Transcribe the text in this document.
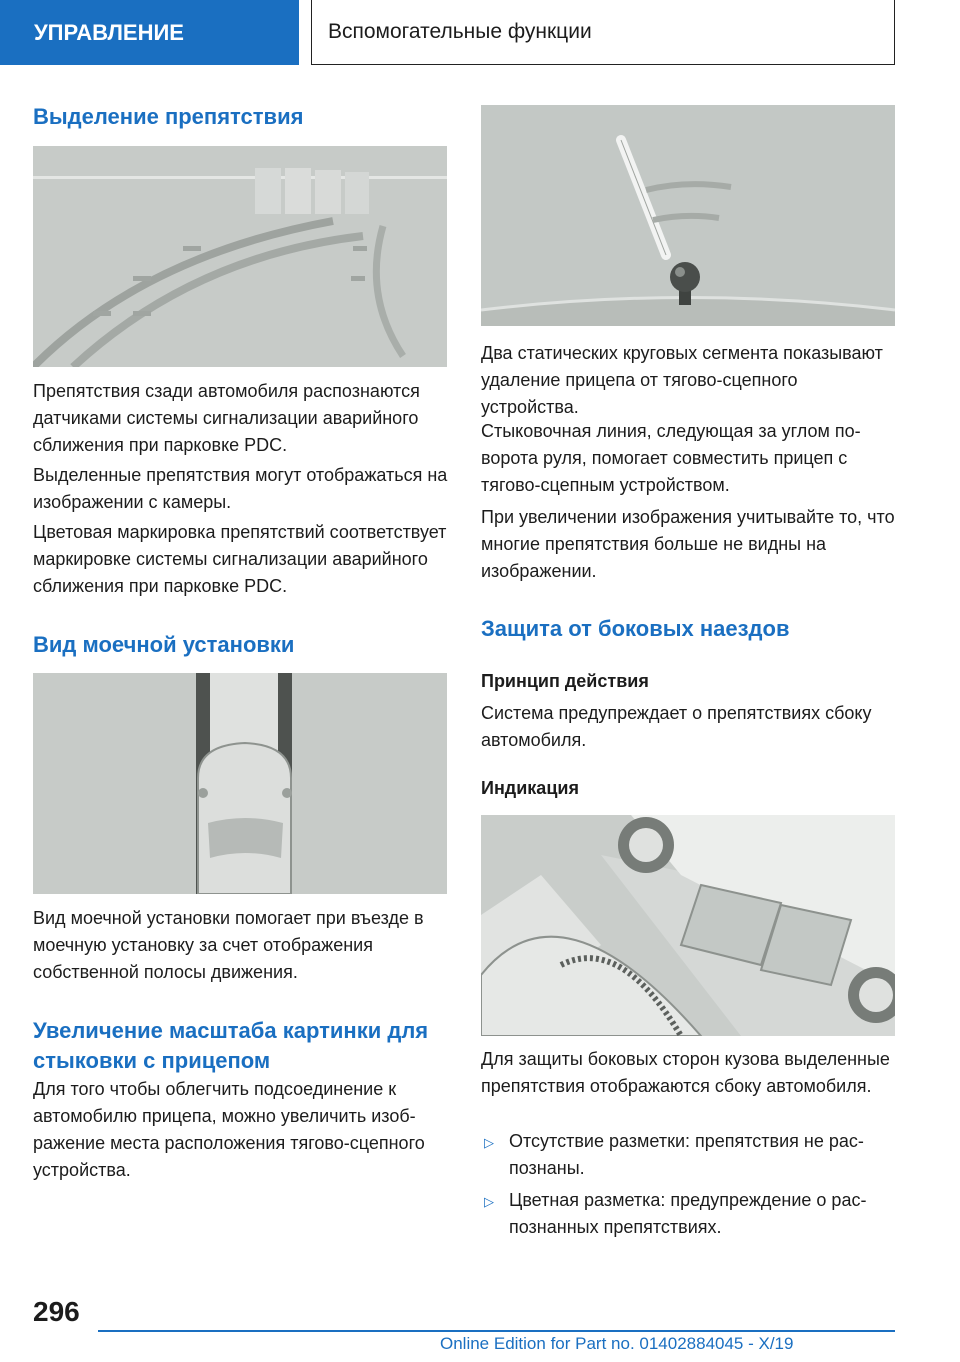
УПРАВЛЕНИЕ	Вспомогательные функции
Выделение препятствия

Препятствия сзади автомобиля распознаются датчиками системы сигнализации аварийного сближения при парковке PDC.

Выделенные препятствия могут отображаться на изображении с камеры.

Цветовая маркировка препятствий соответствует маркировке системы сигнализации аварийного сближения при парковке PDC.

Вид моечной установки

Вид моечной установки помогает при въезде в моечную установку за счет отображения собственной полосы движения.

Увеличение масштаба картинки для стыковки с прицепом

Для того чтобы облегчить подсоединение к автомобилю прицепа, можно увеличить изображение места расположения тягово-сцепного устройства.

Два статических круговых сегмента показывают удаление прицепа от тягово-сцепного устройства.

Стыковочная линия, следующая за углом поворота руля, помогает совместить прицеп с тягово-сцепным устройством.

При увеличении изображения учитывайте то, что многие препятствия больше не видны на изображении.

Защита от боковых наездов
Принцип действия

Система предупреждает о препятствиях сбоку автомобиля.

Индикация

Для защиты боковых сторон кузова выделенные препятствия отображаются сбоку автомобиля.

▷ Отсутствие разметки: препятствия не распознаны.

▷ Цветная разметка: предупреждение о распознанных препятствиях.

296
Online Edition for Part no. 01402884045 - X/19
